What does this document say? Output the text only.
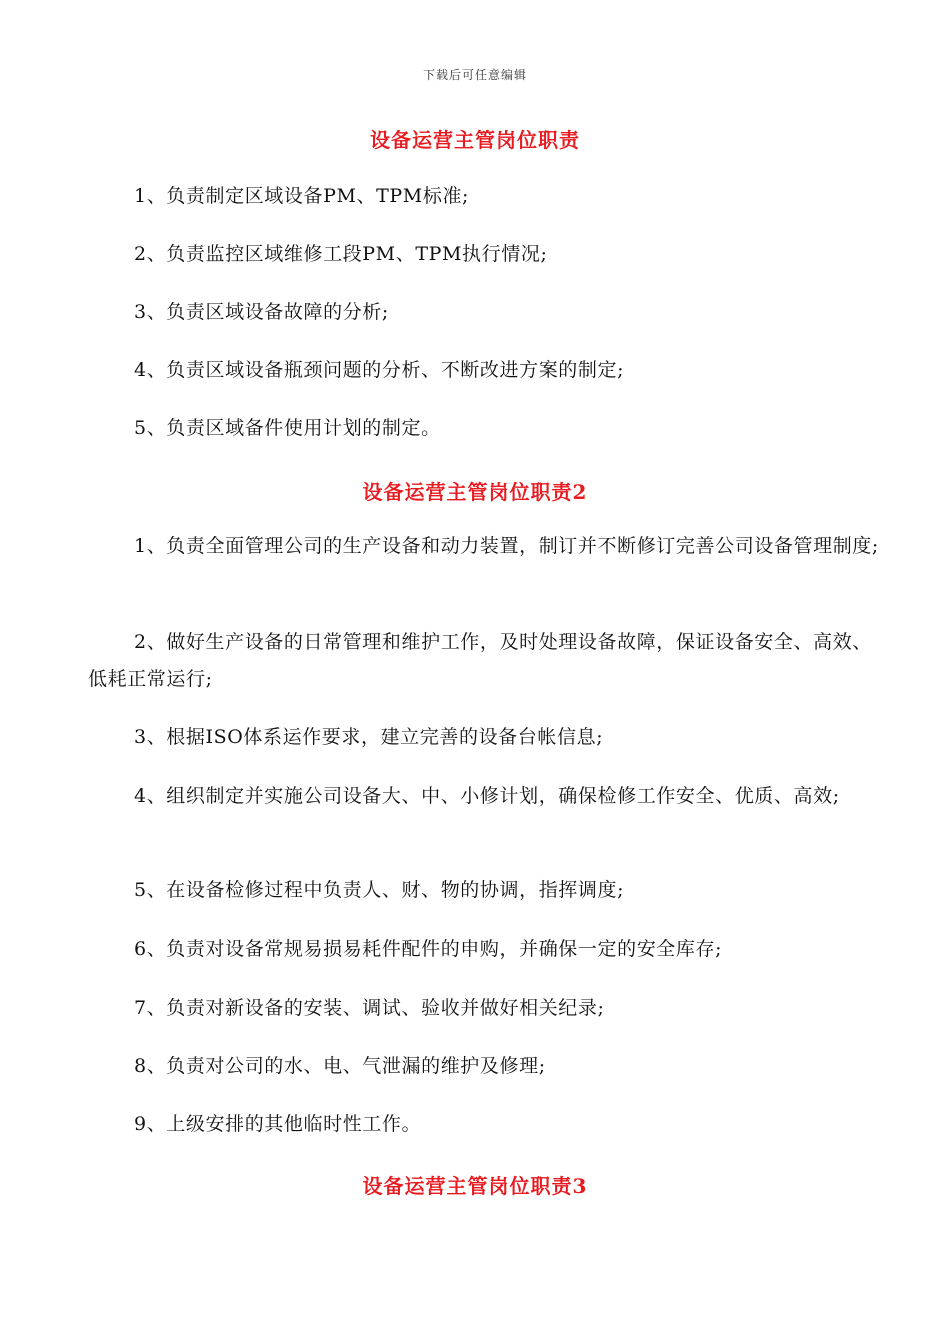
下载后可任意编辑
设备运营主管岗位职责
1、负责制定区域设备PM、TPM标准;
2、负责监控区域维修工段PM、TPM执行情况;
3、负责区域设备故障的分析;
4、负责区域设备瓶颈问题的分析、不断改进方案的制定;
5、负责区域备件使用计划的制定。
设备运营主管岗位职责2
1、负责全面管理公司的生产设备和动力装置，制订并不断修订完善公司设备管理制度;
2、做好生产设备的日常管理和维护工作，及时处理设备故障，保证设备安全、高效、低耗正常运行;
3、根据ISO体系运作要求，建立完善的设备台帐信息;
4、组织制定并实施公司设备大、中、小修计划，确保检修工作安全、优质、高效;
5、在设备检修过程中负责人、财、物的协调，指挥调度;
6、负责对设备常规易损易耗件配件的申购，并确保一定的安全库存;
7、负责对新设备的安装、调试、验收并做好相关纪录;
8、负责对公司的水、电、气泄漏的维护及修理;
9、上级安排的其他临时性工作。
设备运营主管岗位职责3
